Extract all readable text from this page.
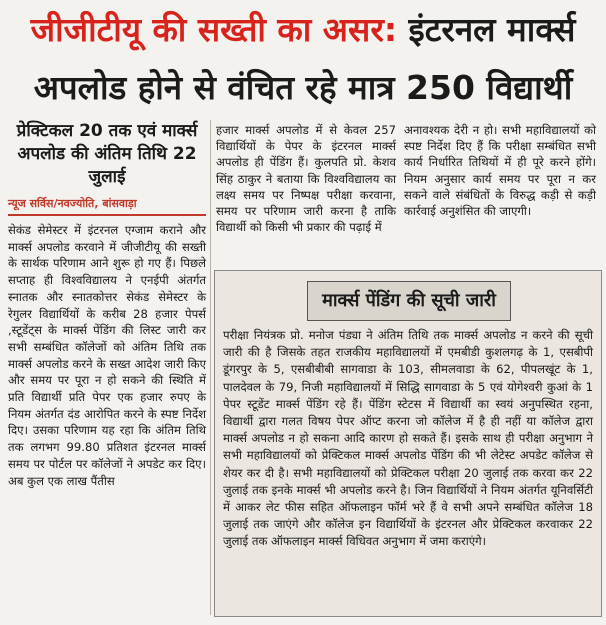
जीजीटीयू की सख्ती का असर: इंटरनल मार्क्स
अपलोड होने से वंचित रहे मात्र 250 विद्यार्थी

प्रेक्टिकल 20 तक एवं मार्क्स अपलोड की अंतिम तिथि 22 जुलाई

न्यूज सर्विस/नवज्योति, बांसवाड़ा
सेकंड सेमेस्टर में इंटरनल एग्जाम कराने और मार्क्स अपलोड करवाने में जीजीटीयू की सख्ती के सार्थक परिणाम आने शुरू हो गए हैं। पिछले सप्ताह ही विश्वविद्यालय ने एनईपी अंतर्गत स्नातक और स्नातकोत्तर सेकंड सेमेस्टर के रेगुलर विद्यार्थियों के करीब 28 हजार पेपर्स ,स्टूडेंट्स के मार्क्स पेंडिंग की लिस्ट जारी कर सभी सम्बंधित कॉलेजों को अंतिम तिथि तक मार्क्स अपलोड करने के सख्त आदेश जारी किए और समय पर पूरा न हो सकने की स्थिति में प्रति विद्यार्थी प्रति पेपर एक हजार रुपए के नियम अंतर्गत दंड आरोपित करने के स्पष्ट निर्देश दिए। उसका परिणाम यह रहा कि अंतिम तिथि तक लगभग 99.80 प्रतिशत इंटरनल मार्क्स समय पर पोर्टल पर कॉलेजों ने अपडेट कर दिए। अब कुल एक लाख पैंतीस
हजार मार्क्स अपलोड में से केवल 257 विद्यार्थियों के पेपर के इंटरनल मार्क्स अपलोड ही पेंडिंग हैं। कुलपति प्रो. केशव सिंह ठाकुर ने बताया कि विश्वविद्यालय का लक्ष्य समय पर निष्पक्ष परीक्षा करवाना, समय पर परिणाम जारी करना है ताकि विद्यार्थी को किसी भी प्रकार की पढ़ाई में
अनावश्यक देरी न हो। सभी महाविद्यालयों को स्पष्ट निर्देश दिए हैं कि परीक्षा सम्बंधित सभी कार्य निर्धारित तिथियों में ही पूरे करने होंगे। नियम अनुसार कार्य समय पर पूरा न कर सकने वाले संबंधितों के विरुद्ध कड़ी से कड़ी कार्रवाई अनुशंसित की जाएगी।
मार्क्स पेंडिंग की सूची जारी
परीक्षा नियंत्रक प्रो. मनोज पंड्या ने अंतिम तिथि तक मार्क्स अपलोड न करने की सूची जारी की है जिसके तहत राजकीय महाविद्यालयों में एमबीडी कुशलगढ़ के 1, एसबीपी डूंगरपुर के 5, एसबीबीबी सागवाडा के 103, सीमलवाडा के 62, पीपलखूंट के 1, पालदेवल के 79, निजी महाविद्यालयों में सिद्धि सागवाडा के 5 एवं योगेश्वरी कुआं के 1 पेपर स्टूडेंट मार्क्स पेंडिंग रहे हैं। पेंडिंग स्टेटस में विद्यार्थी का स्वयं अनुपस्थित रहना, विद्यार्थी द्वारा गलत विषय पेपर ऑप्ट करना जो कॉलेज में है ही नहीं या कॉलेज द्वारा मार्क्स अपलोड न हो सकना आदि कारण हो सकते हैं। इसके साथ ही परीक्षा अनुभाग ने सभी महाविद्यालयों को प्रेक्टिकल मार्क्स अपलोड पेंडिंग की भी लेटेस्ट अपडेट कॉलेज से शेयर कर दी है। सभी महाविद्यालयों को प्रेक्टिकल परीक्षा 20 जुलाई तक करवा कर 22 जुलाई तक इनके मार्क्स भी अपलोड करने है। जिन विद्यार्थियों ने नियम अंतर्गत यूनिवर्सिटी में आकर लेट फीस सहित ऑफलाइन फॉर्म भरे हैं वे सभी अपने सम्बंधित कॉलेज 18 जुलाई तक जाएंगे और कॉलेज इन विद्यार्थियों के इंटरनल और प्रेक्टिकल करवाकर 22 जुलाई तक ऑफलाइन मार्क्स विधिवत अनुभाग में जमा कराएंगे।
